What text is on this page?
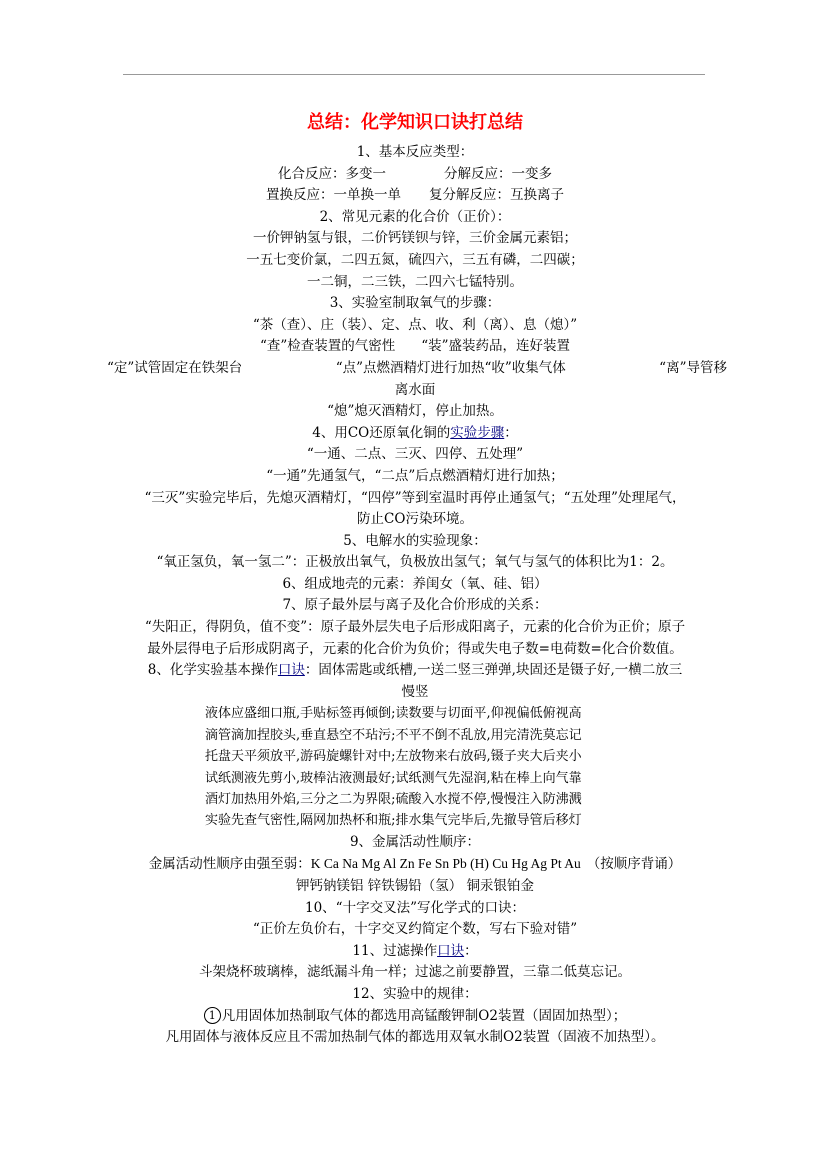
总结：化学知识口诀打总结
1、基本反应类型：
化合反应：多变一	分解反应：一变多
置换反应：一单换一单 复分解反应：互换离子
2、常见元素的化合价（正价）：
一价钾钠氢与银，二价钙镁钡与锌，三价金属元素铝；
一五七变价氯，二四五氮，硫四六，三五有磷，二四碳；
一二铜，二三铁，二四六七锰特别。
3、实验室制取氧气的步骤：
“茶（查）、庄（装）、定、点、收、利（离）、息（熄）”
“查”检查装置的气密性 “装”盛装药品，连好装置
“定”试管固定在铁架台	“点”点燃酒精灯进行加热“收”收集气体	“离”导管移
离水面
“熄”熄灭酒精灯，停止加热。
4、用CO还原氧化铜的实验步骤：
“一通、二点、三灭、四停、五处理”
“一通”先通氢气，“二点”后点燃酒精灯进行加热；
“三灭”实验完毕后，先熄灭酒精灯，“四停”等到室温时再停止通氢气；“五处理”处理尾气，
防止CO污染环境。
5、电解水的实验现象：
“氧正氢负，氧一氢二”：正极放出氧气，负极放出氢气；氧气与氢气的体积比为1：2。
6、组成地壳的元素：养闺女（氧、硅、铝）
7、原子最外层与离子及化合价形成的关系：
“失阳正，得阴负，值不变”：原子最外层失电子后形成阳离子，元素的化合价为正价；原子
最外层得电子后形成阴离子，元素的化合价为负价；得或失电子数=电荷数=化合价数值。
8、化学实验基本操作口诀：固体需匙或纸槽,一送二竖三弹弹,块固还是镊子好,一横二放三
慢竖
液体应盛细口瓶,手贴标签再倾倒;读数要与切面平,仰视偏低俯视高
滴管滴加捏胶头,垂直悬空不玷污;不平不倒不乱放,用完清洗莫忘记
托盘天平须放平,游码旋螺针对中;左放物来右放码,镊子夹大后夹小
试纸测液先剪小,玻棒沾液测最好;试纸测气先湿润,粘在棒上向气靠
酒灯加热用外焰,三分之二为界限;硫酸入水搅不停,慢慢注入防沸溅
实验先查气密性,隔网加热杯和瓶;排水集气完毕后,先撤导管后移灯
9、金属活动性顺序：
金属活动性顺序由强至弱：K Ca Na Mg Al Zn Fe Sn Pb (H) Cu Hg Ag Pt Au （按顺序背诵）
钾钙钠镁铝 锌铁锡铅（氢） 铜汞银铂金
10、“十字交叉法”写化学式的口诀：
“正价左负价右，十字交叉约简定个数，写右下验对错”
11、过滤操作口诀：
斗架烧杯玻璃棒，滤纸漏斗角一样；过滤之前要静置，三靠二低莫忘记。
12、实验中的规律：
1 凡用固体加热制取气体的都选用高锰酸钾制O2装置（固固加热型）；
凡用固体与液体反应且不需加热制气体的都选用双氧水制O2装置（固液不加热型）。
